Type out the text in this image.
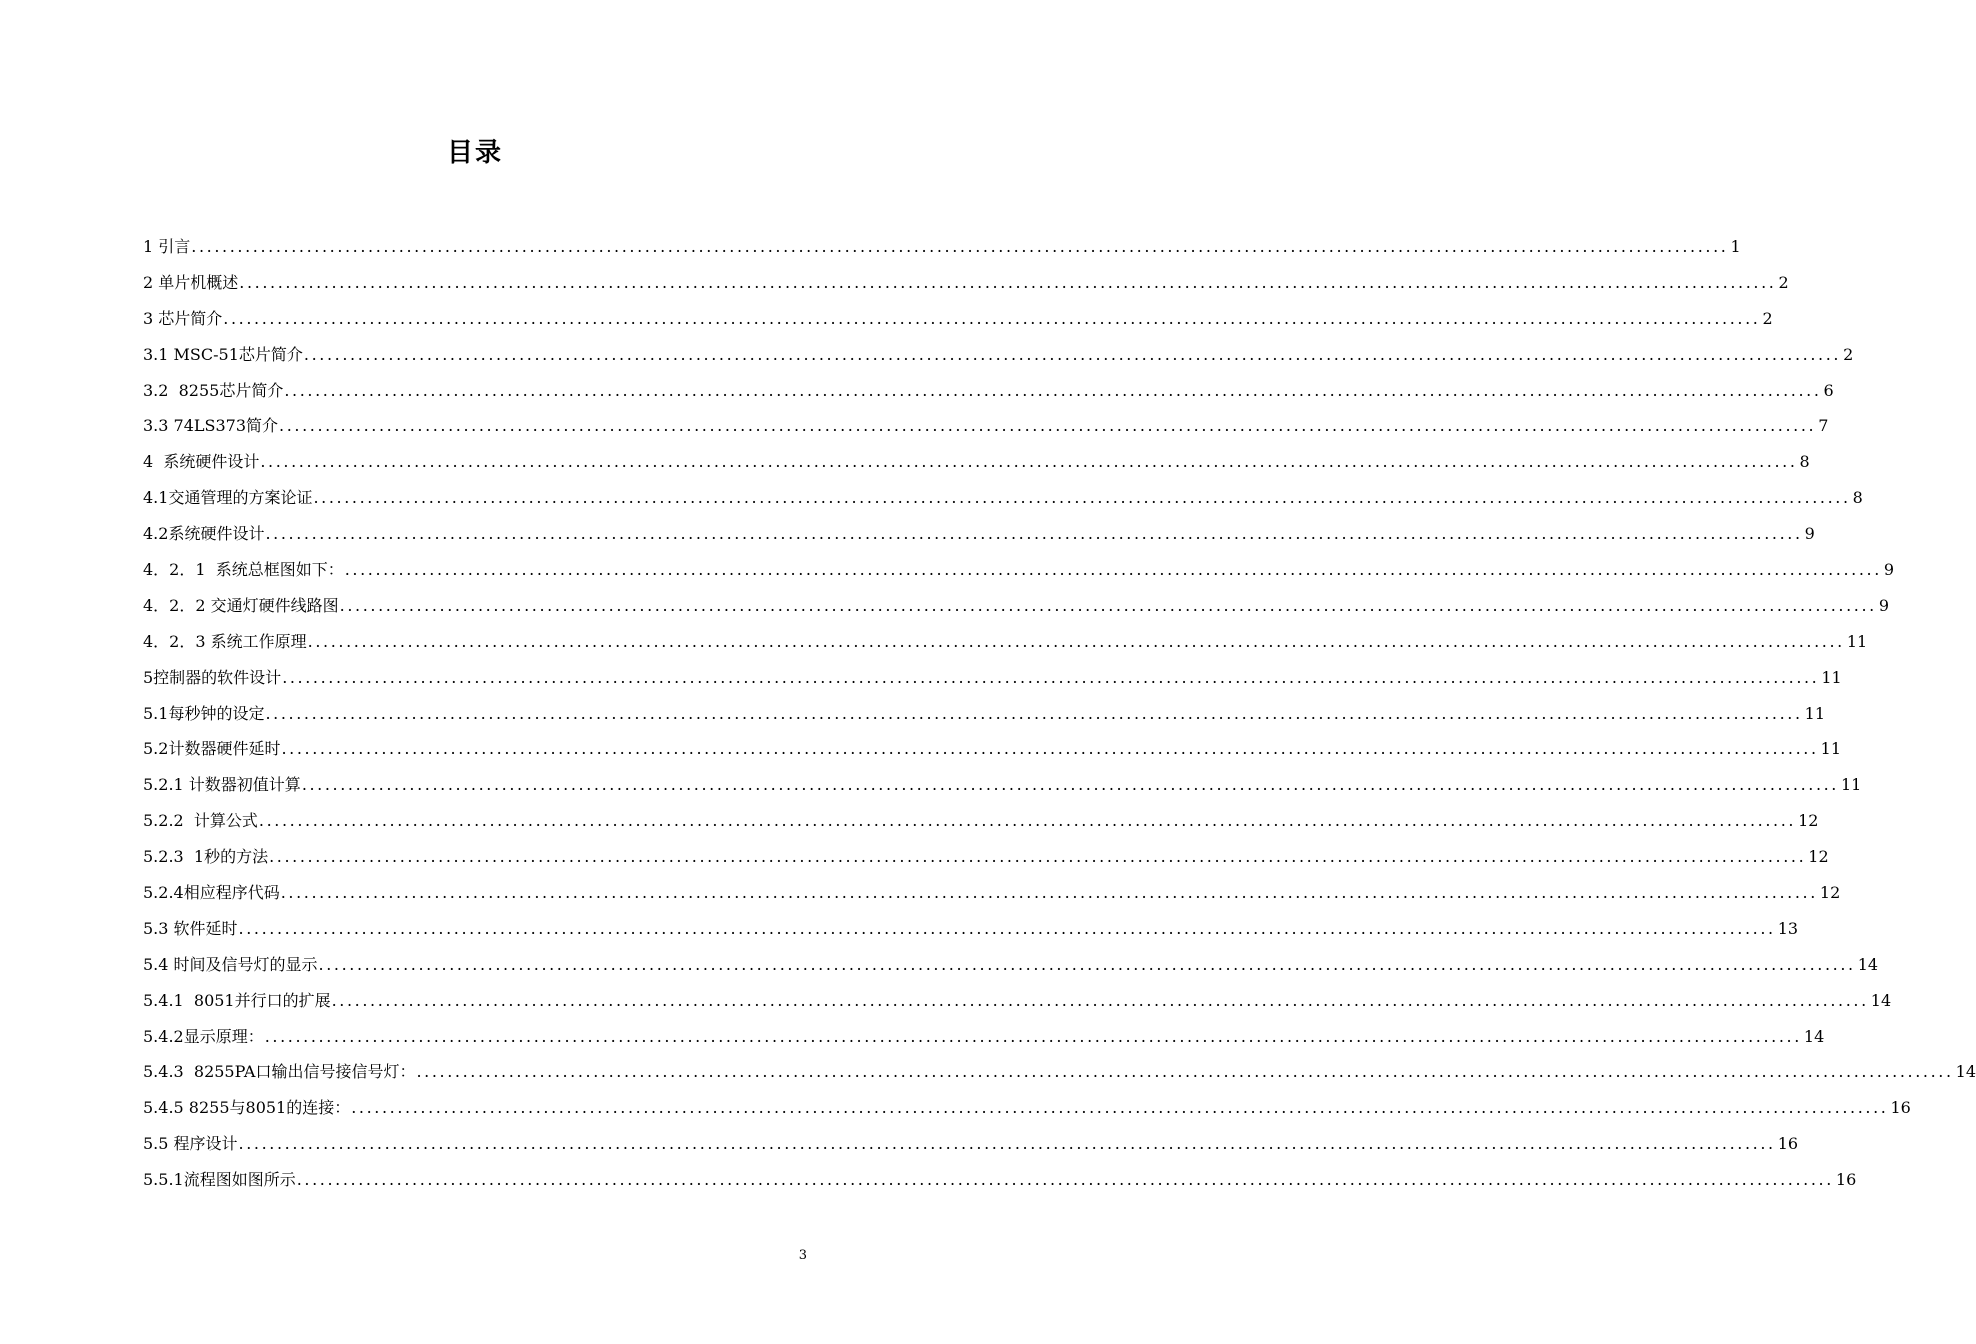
目录
1 引言 ........................................................................................................................................................................................................ 1
2 单片机概述 ........................................................................................................................................................................................................ 2
3 芯片简介 ........................................................................................................................................................................................................ 2
3.1 MSC-51芯片简介 ........................................................................................................................................................................................................ 2
3.2  8255芯片简介 ........................................................................................................................................................................................................ 6
3.3 74LS373简介 ........................................................................................................................................................................................................ 7
4  系统硬件设计 ........................................................................................................................................................................................................ 8
4.1交通管理的方案论证 ........................................................................................................................................................................................................ 8
4.2系统硬件设计 ........................................................................................................................................................................................................ 9
4．2．1  系统总框图如下： ........................................................................................................................................................................................................ 9
4．2．2 交通灯硬件线路图 ........................................................................................................................................................................................................ 9
4．2．3 系统工作原理 ........................................................................................................................................................................................................ 11
5控制器的软件设计 ........................................................................................................................................................................................................ 11
5.1每秒钟的设定 ........................................................................................................................................................................................................ 11
5.2计数器硬件延时 ........................................................................................................................................................................................................ 11
5.2.1 计数器初值计算 ........................................................................................................................................................................................................ 11
5.2.2  计算公式 ........................................................................................................................................................................................................ 12
5.2.3  1秒的方法 ........................................................................................................................................................................................................ 12
5.2.4相应程序代码 ........................................................................................................................................................................................................ 12
5.3 软件延时 ........................................................................................................................................................................................................ 13
5.4 时间及信号灯的显示 ........................................................................................................................................................................................................ 14
5.4.1  8051并行口的扩展 ........................................................................................................................................................................................................ 14
5.4.2显示原理： ........................................................................................................................................................................................................ 14
5.4.3  8255PA口输出信号接信号灯： ........................................................................................................................................................................................................ 14
5.4.5 8255与8051的连接： ........................................................................................................................................................................................................ 16
5.5 程序设计 ........................................................................................................................................................................................................ 16
5.5.1流程图如图所示 ........................................................................................................................................................................................................ 16
3
